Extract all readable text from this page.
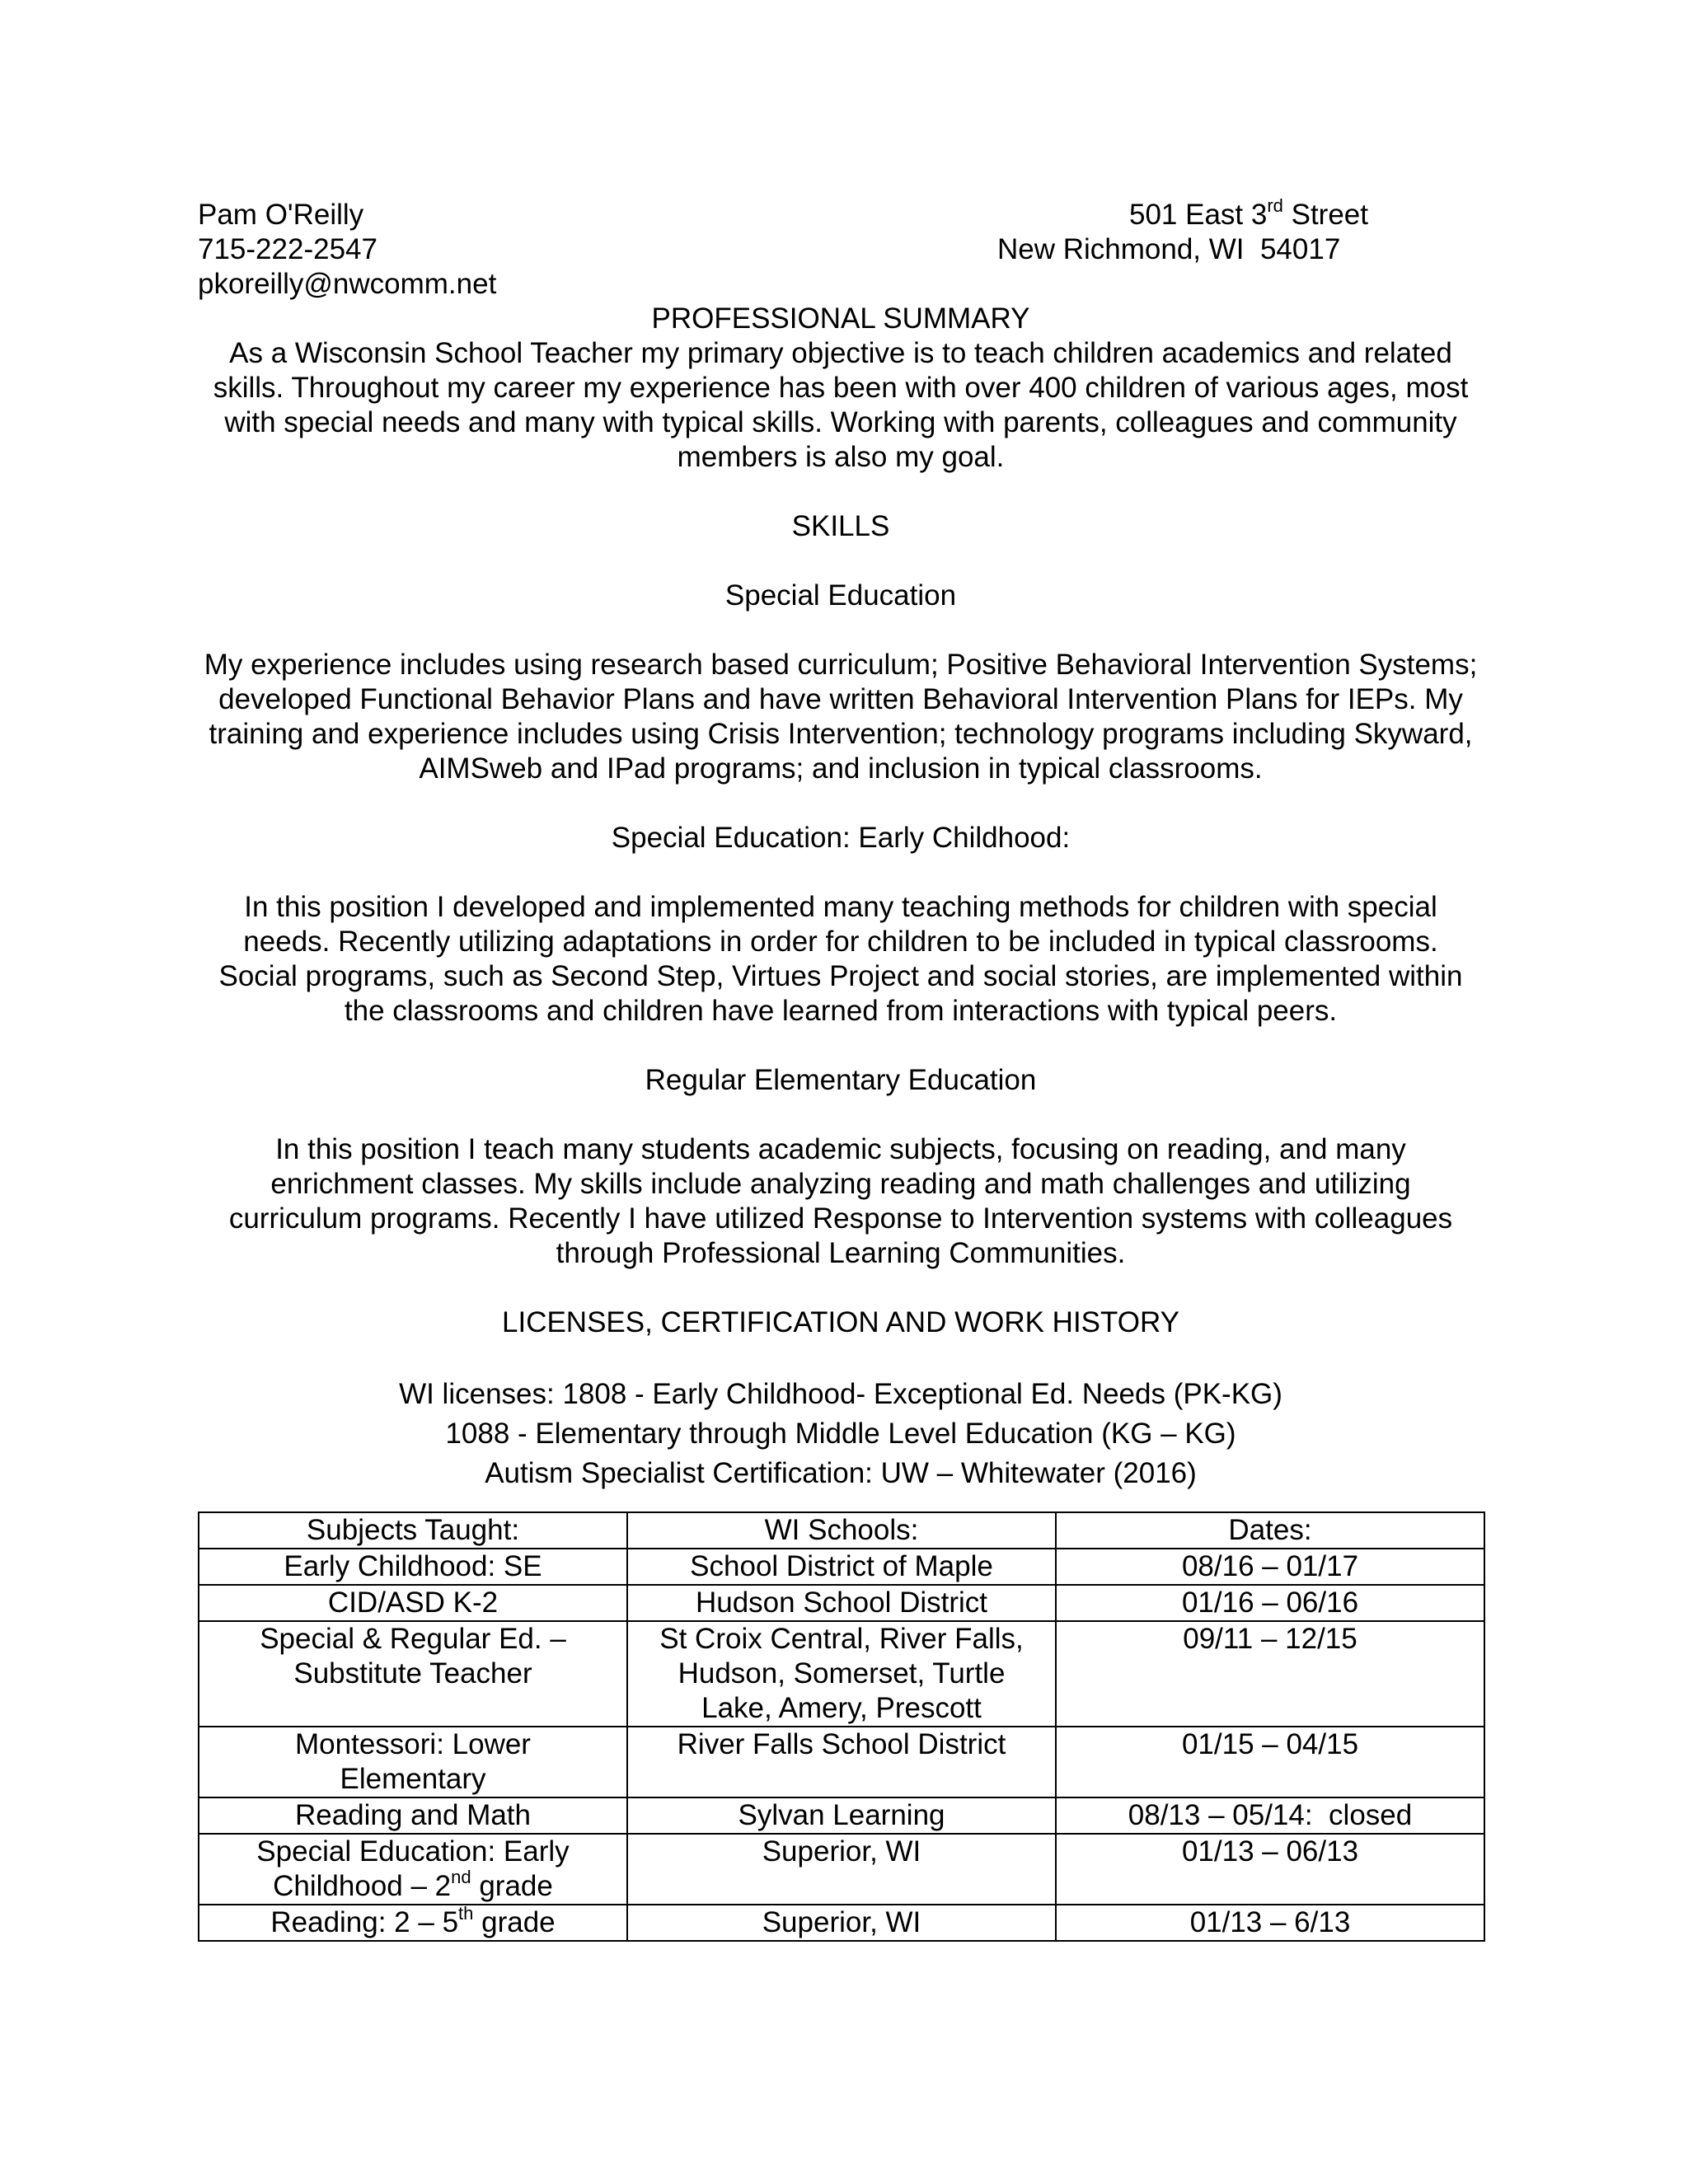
Pam O'Reilly
715-222-2547
pkoreilly@nwcomm.net
501 East 3rd Street
New Richmond, WI  54017
PROFESSIONAL SUMMARY
As a Wisconsin School Teacher my primary objective is to teach children academics and related skills. Throughout my career my experience has been with over 400 children of various ages, most with special needs and many with typical skills. Working with parents, colleagues and community members is also my goal.
SKILLS
Special Education
My experience includes using research based curriculum; Positive Behavioral Intervention Systems; developed Functional Behavior Plans and have written Behavioral Intervention Plans for IEPs. My training and experience includes using Crisis Intervention; technology programs including Skyward, AIMSweb and IPad programs; and inclusion in typical classrooms.
Special Education: Early Childhood:
In this position I developed and implemented many teaching methods for children with special needs. Recently utilizing adaptations in order for children to be included in typical classrooms. Social programs, such as Second Step, Virtues Project and social stories, are implemented within the classrooms and children have learned from interactions with typical peers.
Regular Elementary Education
In this position I teach many students academic subjects, focusing on reading, and many enrichment classes. My skills include analyzing reading and math challenges and utilizing curriculum programs. Recently I have utilized Response to Intervention systems with colleagues through Professional Learning Communities.
LICENSES, CERTIFICATION AND WORK HISTORY
WI licenses: 1808 - Early Childhood- Exceptional Ed. Needs (PK-KG)
1088 - Elementary through Middle Level Education (KG – KG)
Autism Specialist Certification: UW – Whitewater (2016)
Subjects Taught:	WI Schools:	Dates:
Early Childhood: SE	School District of Maple	08/16 – 01/17
CID/ASD K-2	Hudson School District	01/16 – 06/16
Special & Regular Ed. – Substitute Teacher	St Croix Central, River Falls, Hudson, Somerset, Turtle Lake, Amery, Prescott	09/11 – 12/15
Montessori: Lower Elementary	River Falls School District	01/15 – 04/15
Reading and Math	Sylvan Learning	08/13 – 05/14:  closed
Special Education: Early Childhood – 2nd grade	Superior, WI	01/13 – 06/13
Reading: 2 – 5th grade	Superior, WI	01/13 – 6/13
